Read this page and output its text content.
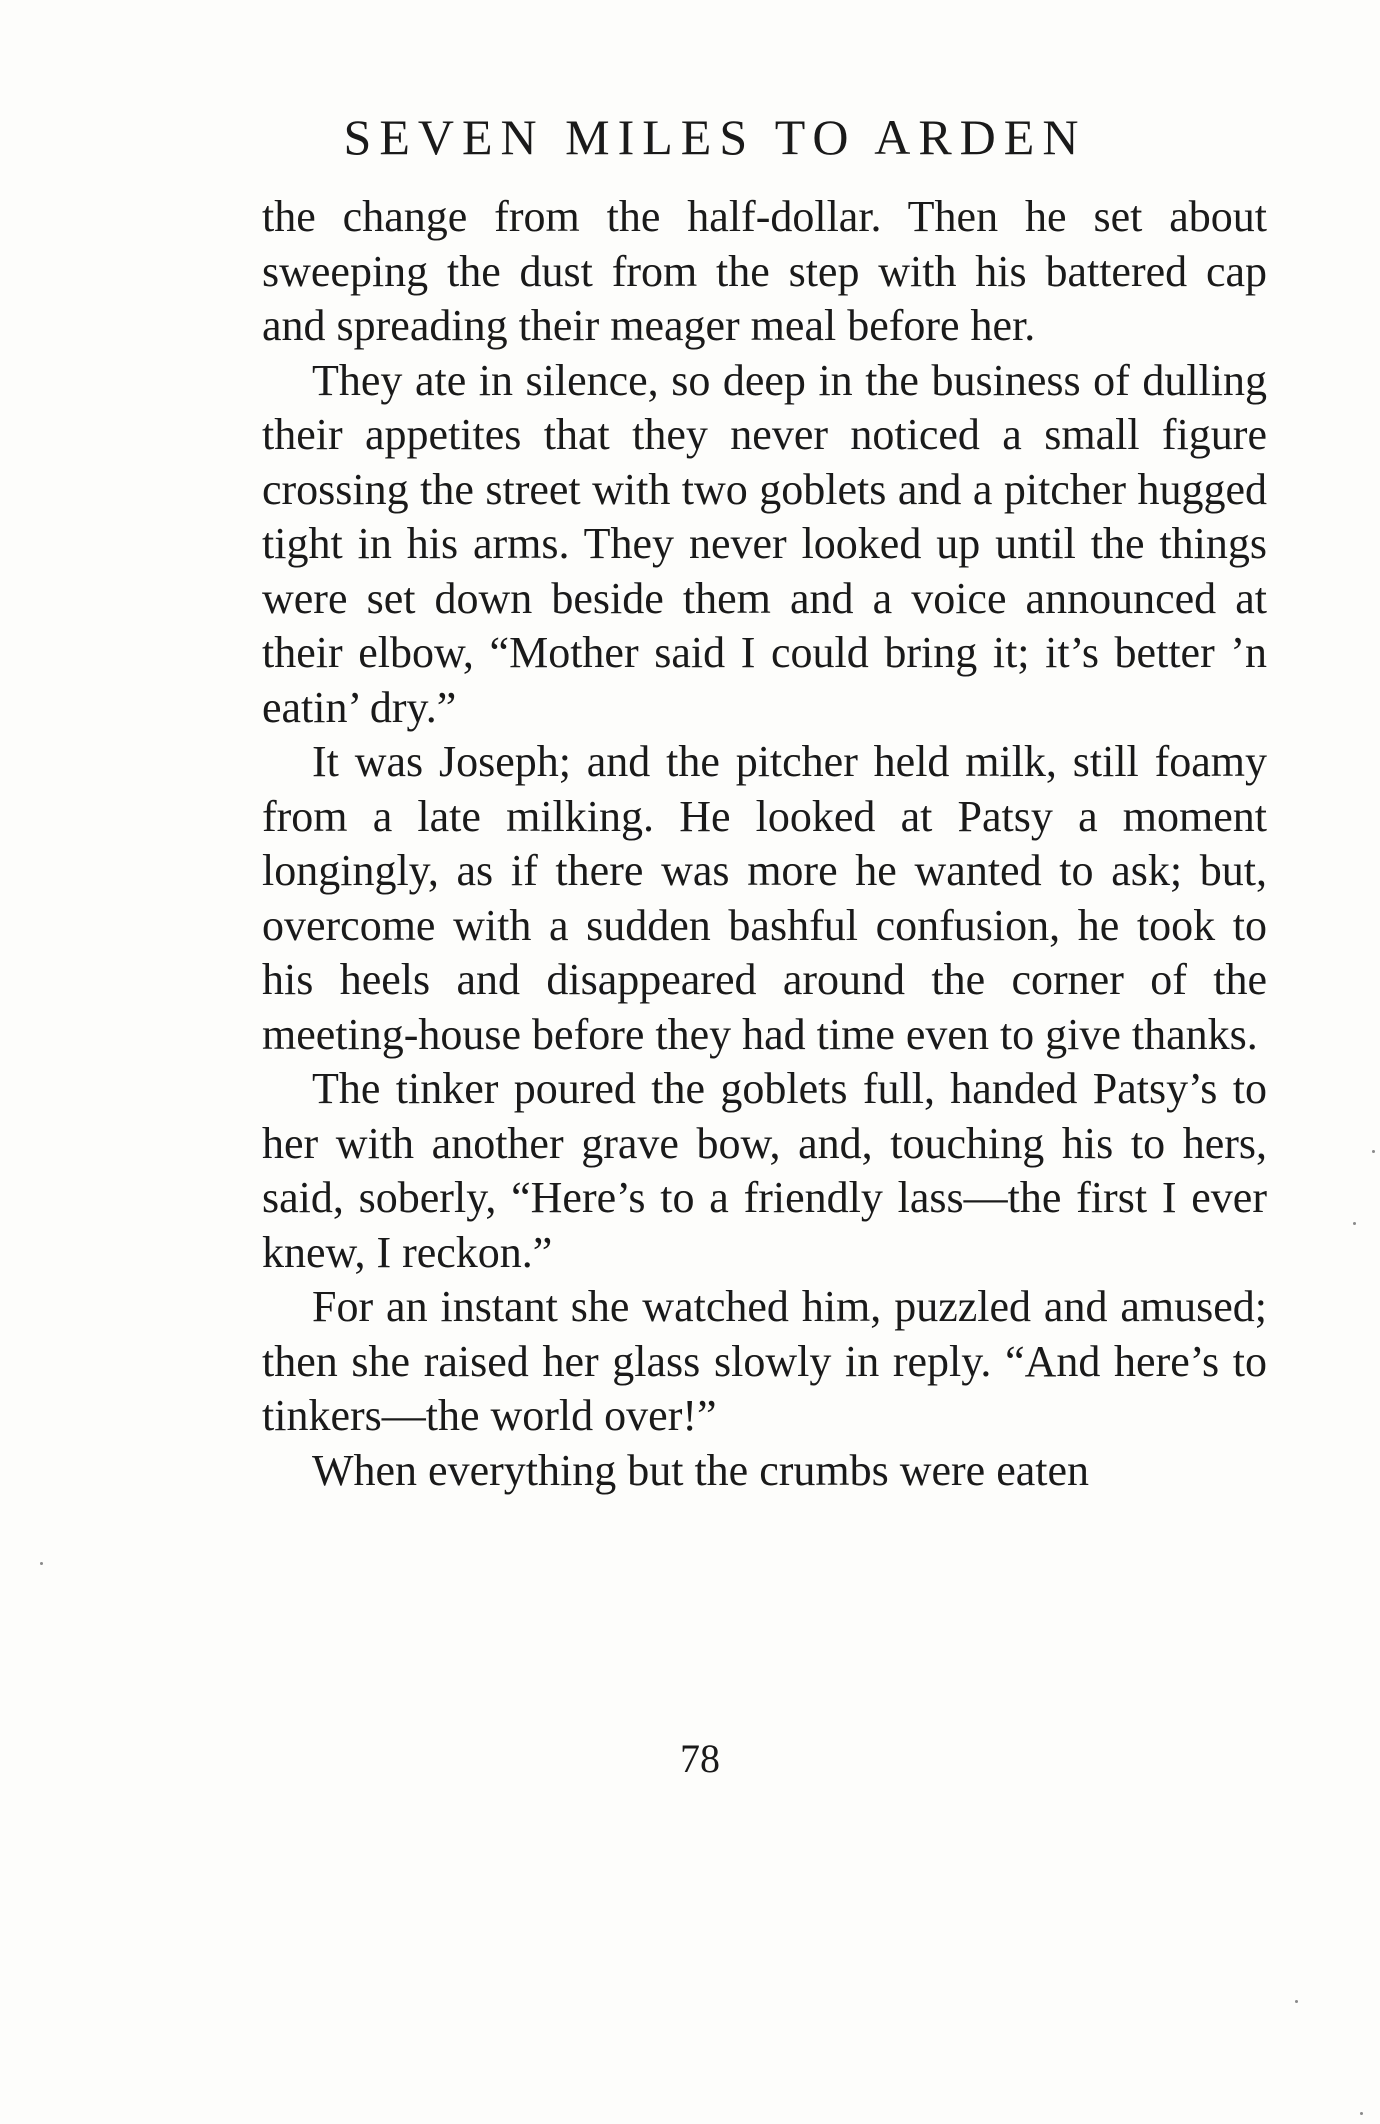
SEVEN MILES TO ARDEN

the change from the half-dollar. Then he set about sweeping the dust from the step with his battered cap and spreading their meager meal before her.

They ate in silence, so deep in the business of dulling their appetites that they never noticed a small figure crossing the street with two goblets and a pitcher hugged tight in his arms. They never looked up until the things were set down beside them and a voice announced at their elbow, “Mother said I could bring it; it’s better ’n eatin’ dry.”

It was Joseph; and the pitcher held milk, still foamy from a late milking. He looked at Patsy a moment longingly, as if there was more he wanted to ask; but, overcome with a sudden bashful confusion, he took to his heels and disappeared around the corner of the meeting-house before they had time even to give thanks.

The tinker poured the goblets full, handed Patsy’s to her with another grave bow, and, touching his to hers, said, soberly, “Here’s to a friendly lass—the first I ever knew, I reckon.”

For an instant she watched him, puzzled and amused; then she raised her glass slowly in reply. “And here’s to tinkers—the world over!”

When everything but the crumbs were eaten

78
